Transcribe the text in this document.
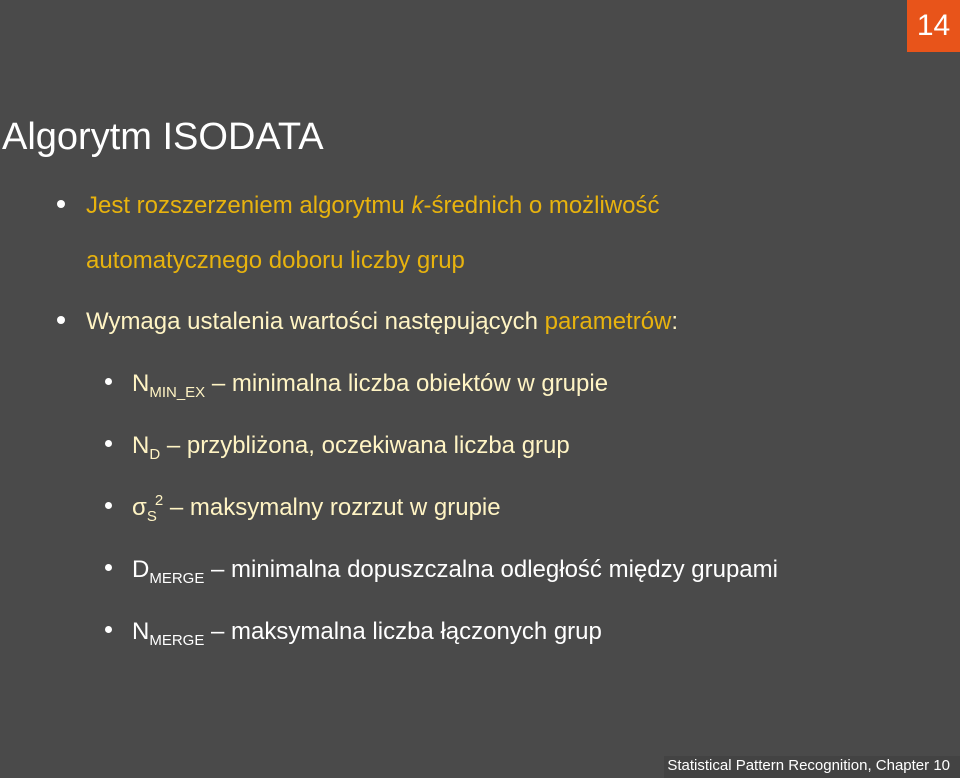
14
Algorytm ISODATA
Jest rozszerzeniem algorytmu k-średnich o możliwość
automatycznego doboru liczby grup
Wymaga ustalenia wartości następujących parametrów:
$N_{MIN\_EX}$ – minimalna liczba obiektów w grupie
$N_D$ – przybliżona, oczekiwana liczba grup
$\sigma_S^2$ – maksymalny rozrzut w grupie
$D_{MERGE}$ – minimalna dopuszczalna odległość między grupami
$N_{MERGE}$ – maksymalna liczba łączonych grup
Statistical Pattern Recognition, Chapter 10
